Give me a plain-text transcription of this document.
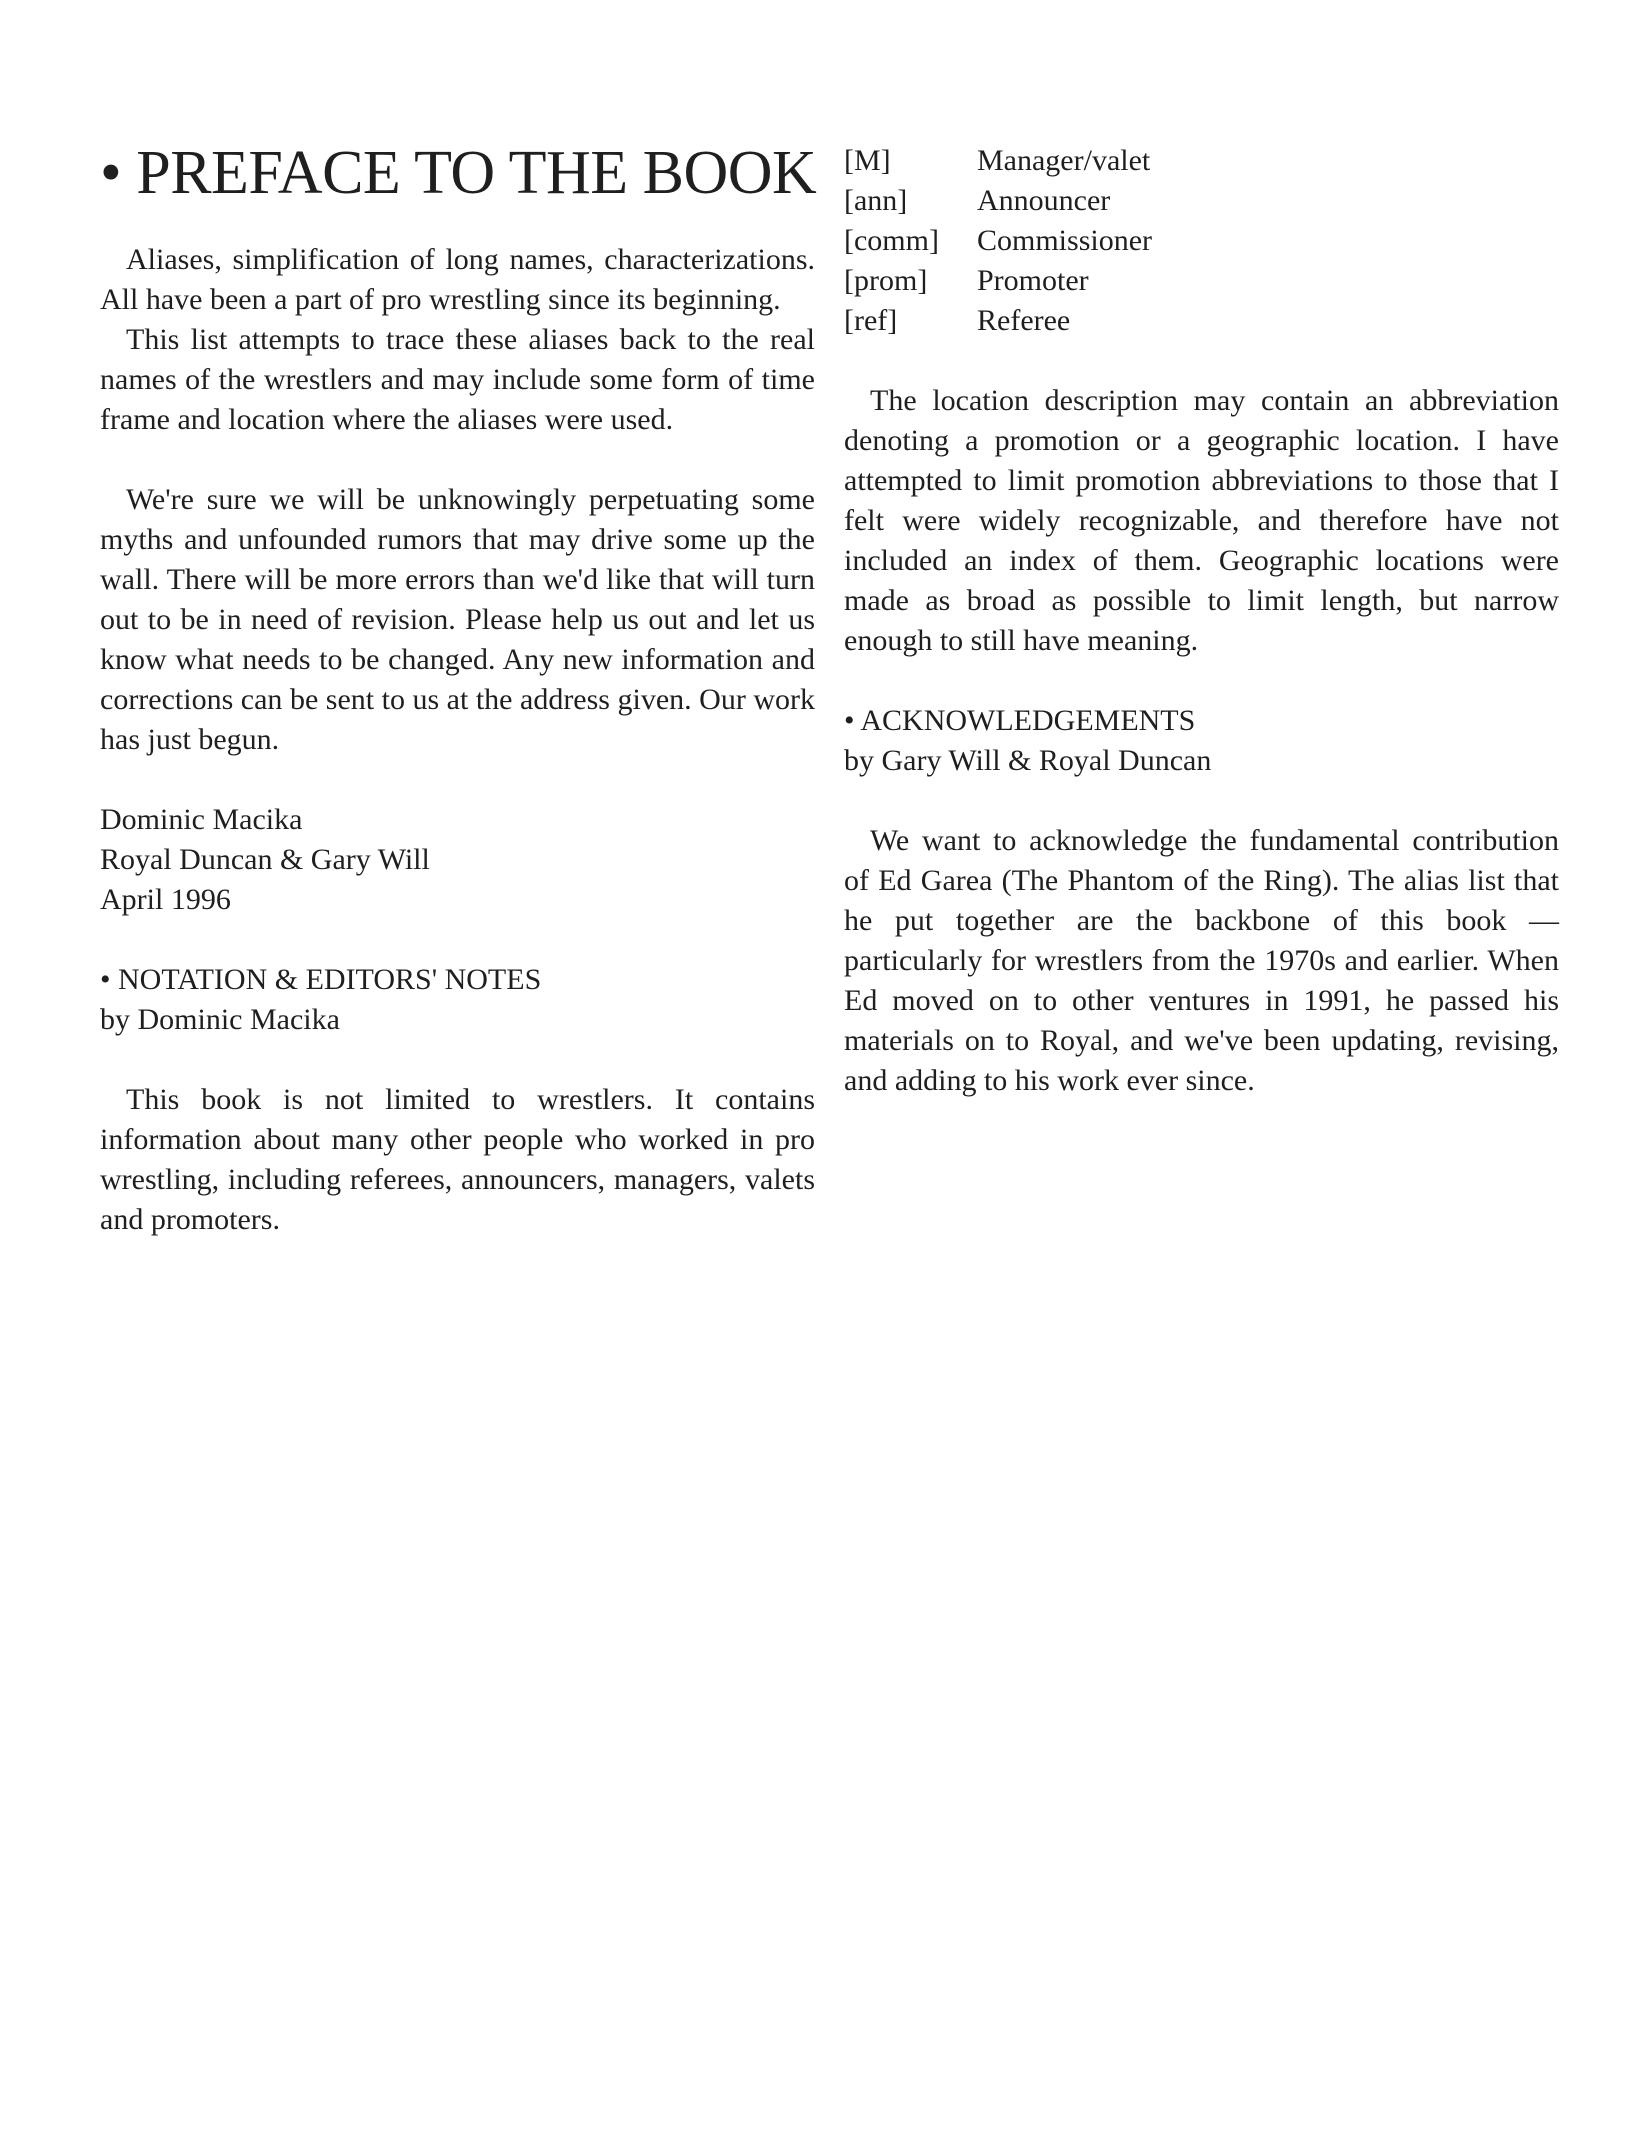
• PREFACE TO THE BOOK

Aliases, simplification of long names, characterizations. All have been a part of pro wrestling since its beginning.

This list attempts to trace these aliases back to the real names of the wrestlers and may include some form of time frame and location where the aliases were used.

We're sure we will be unknowingly perpetuating some myths and unfounded rumors that may drive some up the wall. There will be more errors than we'd like that will turn out to be in need of revision. Please help us out and let us know what needs to be changed. Any new information and corrections can be sent to us at the address given. Our work has just begun.

Dominic Macika

Royal Duncan & Gary Will

April 1996

• NOTATION & EDITORS' NOTES

by Dominic Macika

This book is not limited to wrestlers. It contains information about many other people who worked in pro wrestling, including referees, announcers, managers, valets and promoters.

[M]	Manager/valet
[ann]	Announcer
[comm]	Commissioner
[prom]	Promoter
[ref]	Referee

The location description may contain an abbreviation denoting a promotion or a geographic location. I have attempted to limit promotion abbreviations to those that I felt were widely recognizable, and therefore have not included an index of them. Geographic locations were made as broad as possible to limit length, but narrow enough to still have meaning.

• ACKNOWLEDGEMENTS

by Gary Will & Royal Duncan

We want to acknowledge the fundamental contribution of Ed Garea (The Phantom of the Ring). The alias list that he put together are the backbone of this book — particularly for wrestlers from the 1970s and earlier. When Ed moved on to other ventures in 1991, he passed his materials on to Royal, and we've been updating, revising, and adding to his work ever since.
